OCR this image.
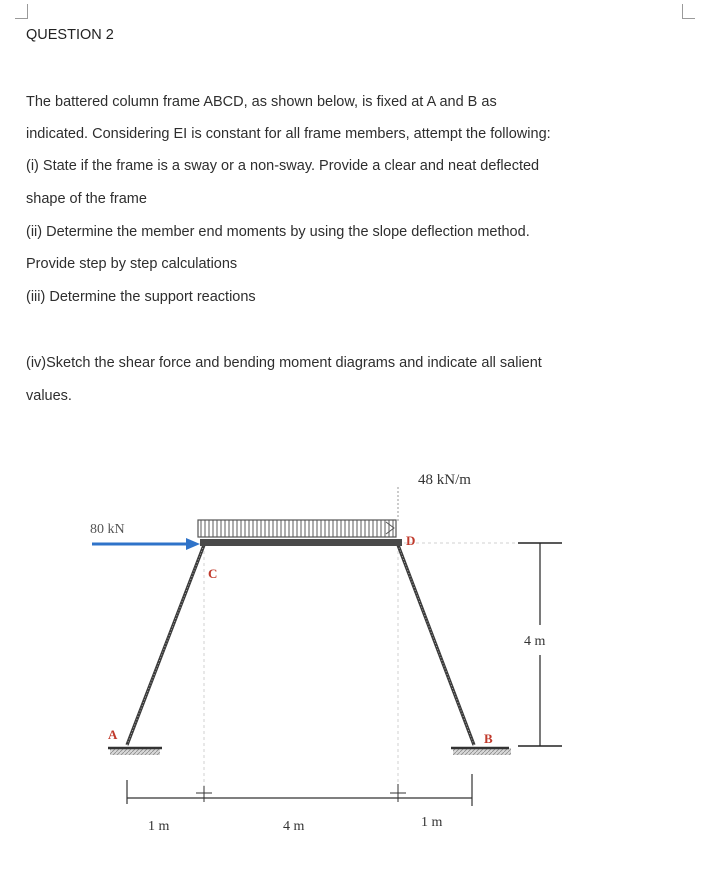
QUESTION 2
The battered column frame ABCD, as shown below, is fixed at A and B as
indicated. Considering EI is constant for all frame members, attempt the following:
(i) State if the frame is a sway or a non-sway. Provide a clear and neat deflected
shape of the frame
(ii) Determine the member end moments by using the slope deflection method.
Provide step by step calculations
(iii) Determine the support reactions
(iv)Sketch the shear force and bending moment diagrams and indicate all salient
values.
48 kN/m
80 kN
D
C
A	B
4 m
1 m	4 m	1 m
